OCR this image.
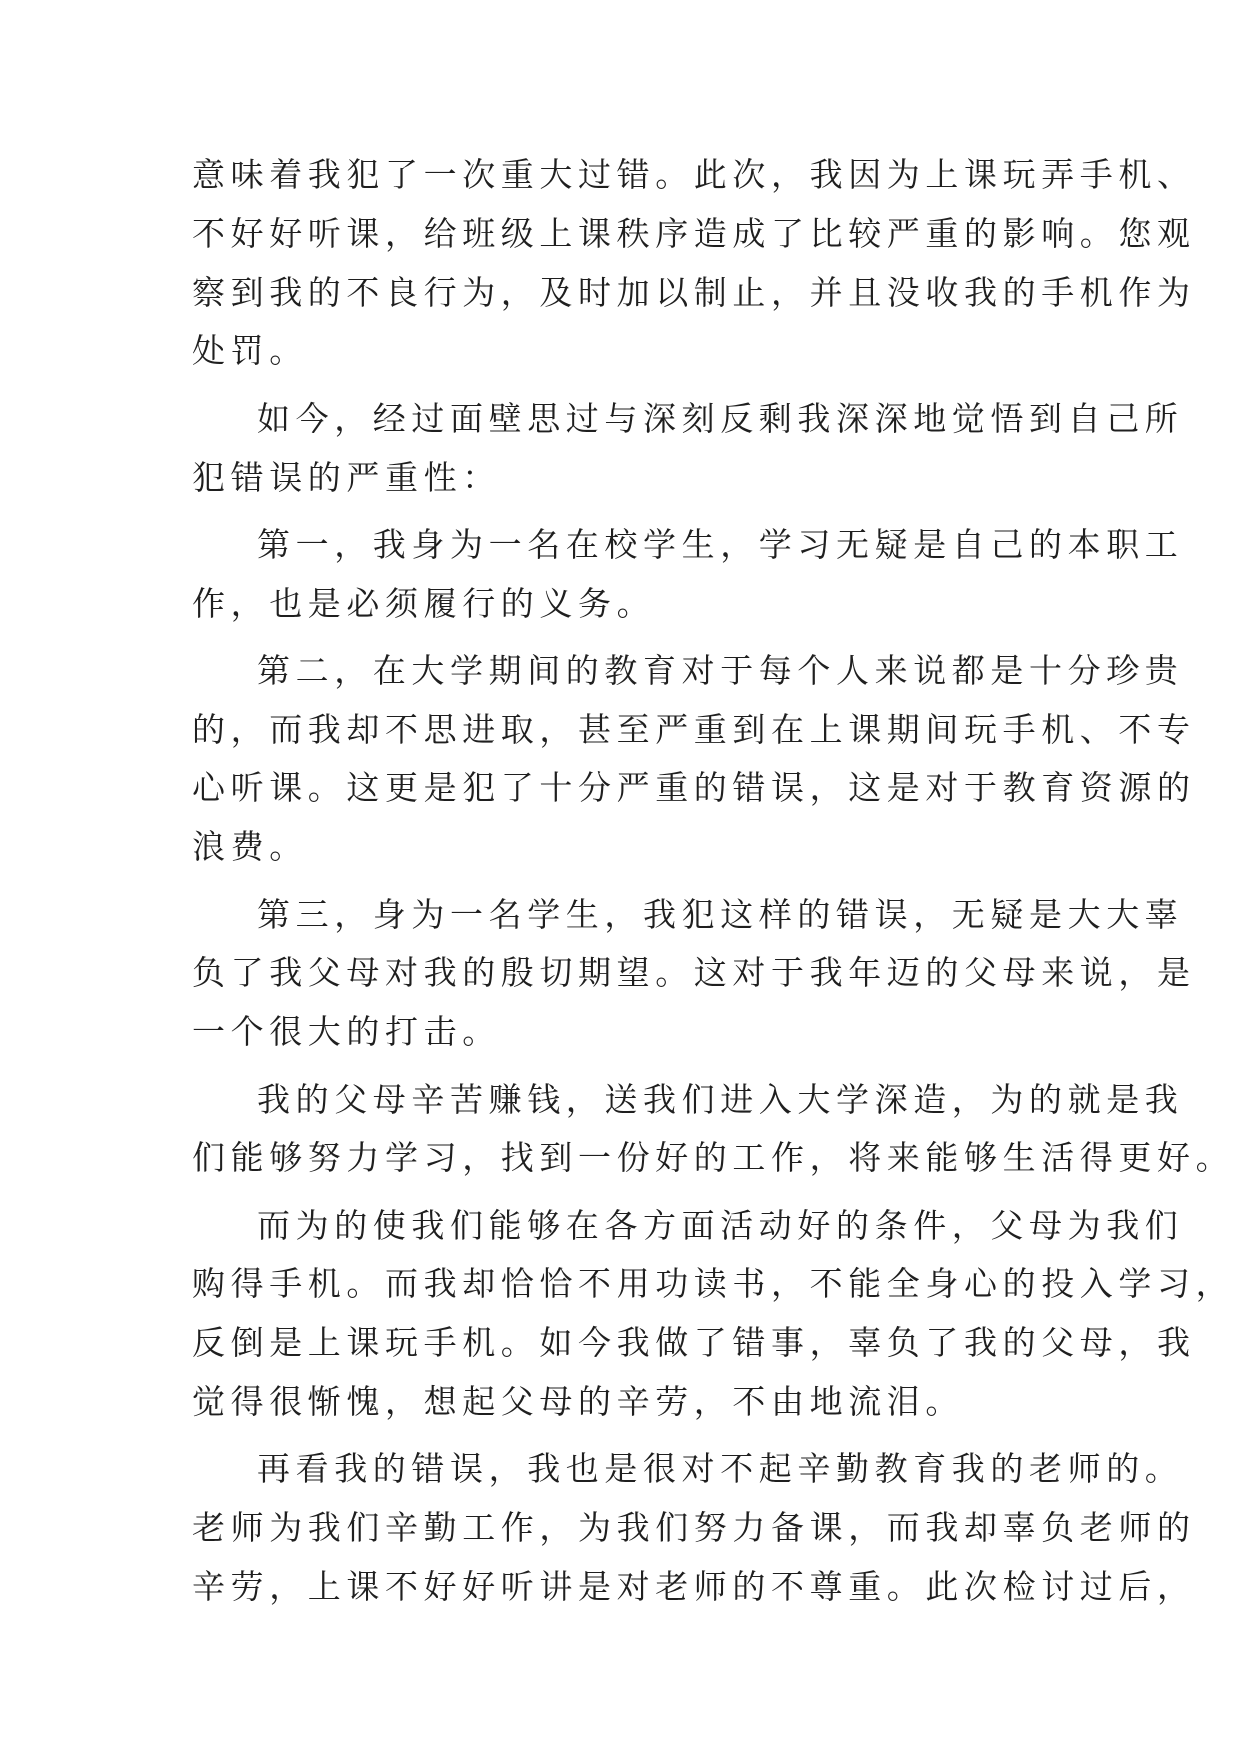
意味着我犯了一次重大过错。此次，我因为上课玩弄手机、

不好好听课，给班级上课秩序造成了比较严重的影响。您观

察到我的不良行为，及时加以制止，并且没收我的手机作为

处罚。

如今，经过面壁思过与深刻反剩我深深地觉悟到自己所

犯错误的严重性：

第一，我身为一名在校学生，学习无疑是自己的本职工

作，也是必须履行的义务。

第二，在大学期间的教育对于每个人来说都是十分珍贵

的，而我却不思进取，甚至严重到在上课期间玩手机、不专

心听课。这更是犯了十分严重的错误，这是对于教育资源的

浪费。

第三，身为一名学生，我犯这样的错误，无疑是大大辜

负了我父母对我的殷切期望。这对于我年迈的父母来说，是

一个很大的打击。

我的父母辛苦赚钱，送我们进入大学深造，为的就是我

们能够努力学习，找到一份好的工作，将来能够生活得更好。

而为的使我们能够在各方面活动好的条件，父母为我们

购得手机。而我却恰恰不用功读书，不能全身心的投入学习，

反倒是上课玩手机。如今我做了错事，辜负了我的父母，我

觉得很惭愧，想起父母的辛劳，不由地流泪。

再看我的错误，我也是很对不起辛勤教育我的老师的。

老师为我们辛勤工作，为我们努力备课，而我却辜负老师的

辛劳，上课不好好听讲是对老师的不尊重。此次检讨过后，
